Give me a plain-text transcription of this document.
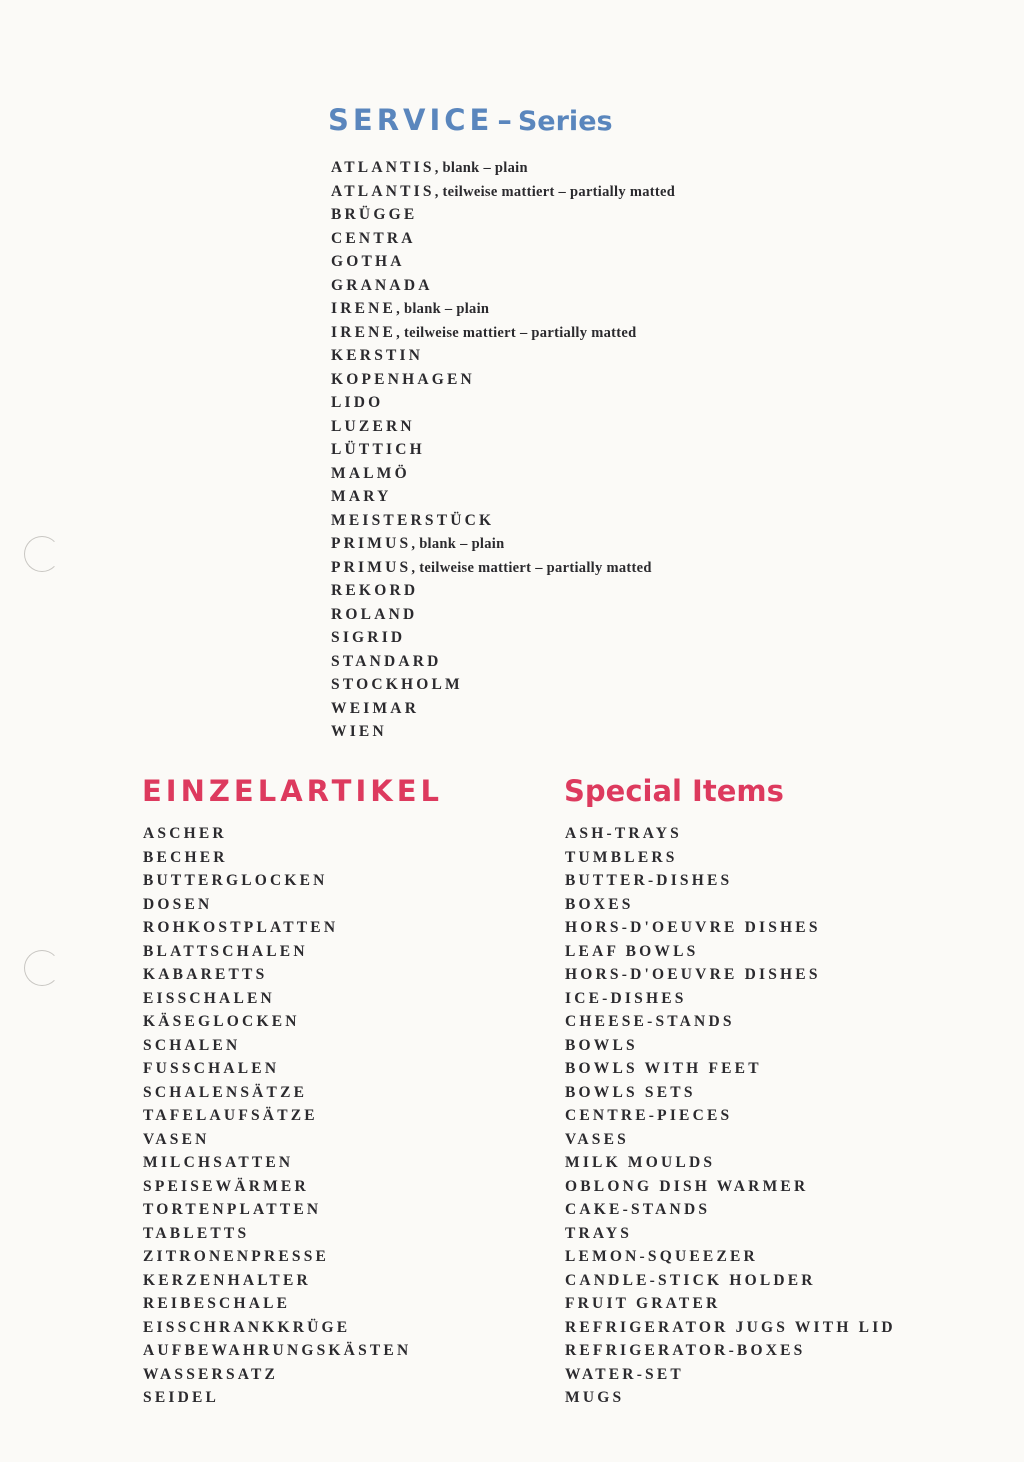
SERVICE – Series
ATLANTIS, blank – plain
ATLANTIS, teilweise mattiert – partially matted
BRÜGGE
CENTRA
GOTHA
GRANADA
IRENE, blank – plain
IRENE, teilweise mattiert – partially matted
KERSTIN
KOPENHAGEN
LIDO
LUZERN
LÜTTICH
MALMÖ
MARY
MEISTERSTÜCK
PRIMUS, blank – plain
PRIMUS, teilweise mattiert – partially matted
REKORD
ROLAND
SIGRID
STANDARD
STOCKHOLM
WEIMAR
WIEN
EINZELARTIKEL
ASCHER
BECHER
BUTTERGLOCKEN
DOSEN
ROHKOSTPLATTEN
BLATTSCHALEN
KABARETTS
EISSCHALEN
KÄSEGLOCKEN
SCHALEN
FUSSCHALEN
SCHALENSÄTZE
TAFELAUFSÄTZE
VASEN
MILCHSATTEN
SPEISEWÄRMER
TORTENPLATTEN
TABLETTS
ZITRONENPRESSE
KERZENHALTER
REIBESCHALE
EISSCHRANKKRÜGE
AUFBEWAHRUNGSKÄSTEN
WASSERSATZ
SEIDEL
Special Items
ASH-TRAYS
TUMBLERS
BUTTER-DISHES
BOXES
HORS-D'OEUVRE DISHES
LEAF BOWLS
HORS-D'OEUVRE DISHES
ICE-DISHES
CHEESE-STANDS
BOWLS
BOWLS WITH FEET
BOWLS SETS
CENTRE-PIECES
VASES
MILK MOULDS
OBLONG DISH WARMER
CAKE-STANDS
TRAYS
LEMON-SQUEEZER
CANDLE-STICK HOLDER
FRUIT GRATER
REFRIGERATOR JUGS WITH LID
REFRIGERATOR-BOXES
WATER-SET
MUGS
